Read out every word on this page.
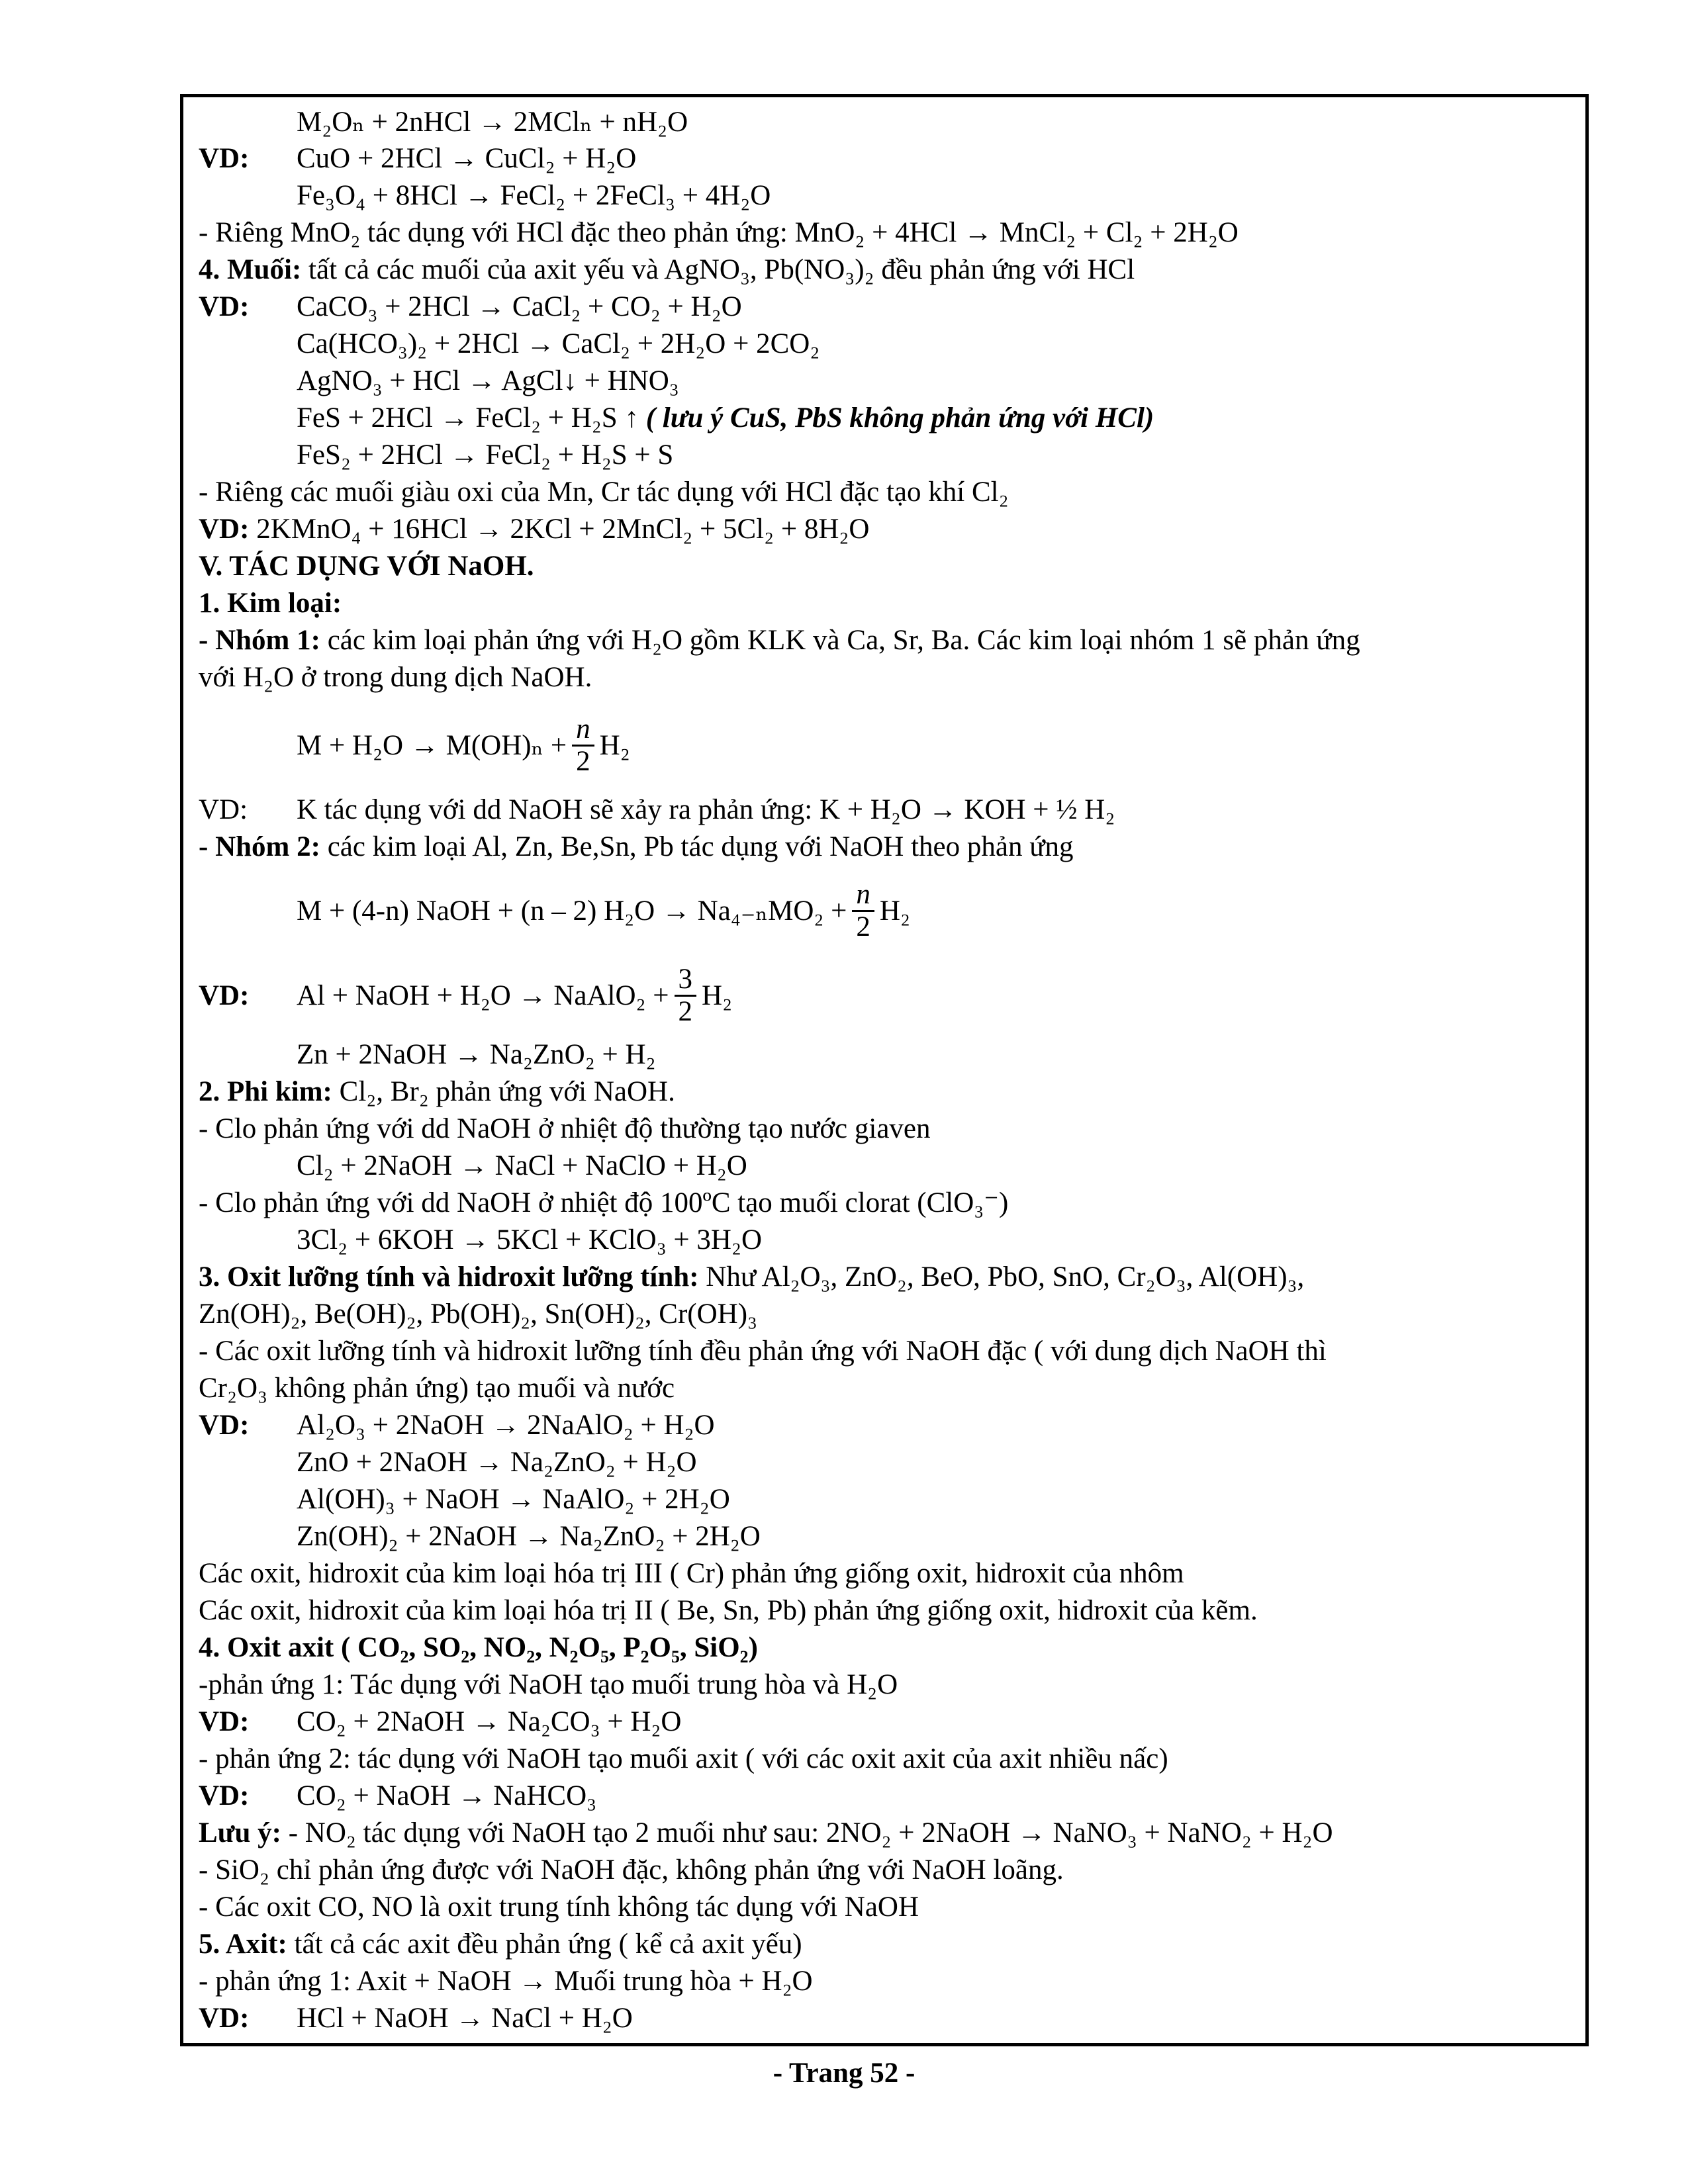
M₂Oₙ + 2nHCl → 2MClₙ + nH₂O
VD: CuO + 2HCl → CuCl₂ + H₂O
Fe₃O₄ + 8HCl → FeCl₂ + 2FeCl₃ + 4H₂O
- Riêng MnO₂ tác dụng với HCl đặc theo phản ứng: MnO₂ + 4HCl → MnCl₂ + Cl₂ + 2H₂O
4. Muối: tất cả các muối của axit yếu và AgNO₃, Pb(NO₃)₂ đều phản ứng với HCl
VD: CaCO₃ + 2HCl → CaCl₂ + CO₂ + H₂O
Ca(HCO₃)₂ + 2HCl → CaCl₂ + 2H₂O + 2CO₂
AgNO₃ + HCl → AgCl↓ + HNO₃
FeS + 2HCl → FeCl₂ + H₂S ↑ ( lưu ý CuS, PbS không phản ứng với HCl)
FeS₂ + 2HCl → FeCl₂ + H₂S + S
- Riêng các muối giàu oxi của Mn, Cr tác dụng với HCl đặc tạo khí Cl₂
VD: 2KMnO₄ + 16HCl → 2KCl + 2MnCl₂ + 5Cl₂ + 8H₂O
V. TÁC DỤNG VỚI NaOH.
1. Kim loại:
- Nhóm 1: các kim loại phản ứng với H₂O gồm KLK và Ca, Sr, Ba. Các kim loại nhóm 1 sẽ phản ứng
với H₂O ở trong dung dịch NaOH.
$M + H_2O \to M(OH)_n + \frac{n}{2} H_2$
VD: K tác dụng với dd NaOH sẽ xảy ra phản ứng: K + H₂O → KOH + ½ H₂
- Nhóm 2: các kim loại Al, Zn, Be,Sn, Pb tác dụng với NaOH theo phản ứng
M + (4-n) NaOH + (n – 2) $H_2O \to Na_{4-n}MO_2 + \frac{n}{2} H_2$
VD: Al + NaOH + H₂O → NaAlO₂ + $\frac{3}{2} H_2$
Zn + 2NaOH → Na₂ZnO₂ + H₂
2. Phi kim: Cl₂, Br₂ phản ứng với NaOH.
- Clo phản ứng với dd NaOH ở nhiệt độ thường tạo nước giaven
Cl₂ + 2NaOH → NaCl + NaClO + H₂O
- Clo phản ứng với dd NaOH ở nhiệt độ 100ºC tạo muối clorat (ClO₃⁻)
3Cl₂ + 6KOH → 5KCl + KClO₃ + 3H₂O
3. Oxit lưỡng tính và hidroxit lưỡng tính: Như Al₂O₃, ZnO₂, BeO, PbO, SnO, Cr₂O₃, Al(OH)₃,
Zn(OH)₂, Be(OH)₂, Pb(OH)₂, Sn(OH)₂, Cr(OH)₃
- Các oxit lưỡng tính và hidroxit lưỡng tính đều phản ứng với NaOH đặc ( với dung dịch NaOH thì
Cr₂O₃ không phản ứng) tạo muối và nước
VD: Al₂O₃ + 2NaOH → 2NaAlO₂ + H₂O
ZnO + 2NaOH → Na₂ZnO₂ + H₂O
Al(OH)₃ + NaOH → NaAlO₂ + 2H₂O
Zn(OH)₂ + 2NaOH → Na₂ZnO₂ + 2H₂O
Các oxit, hidroxit của kim loại hóa trị III ( Cr) phản ứng giống oxit, hidroxit của nhôm
Các oxit, hidroxit của kim loại hóa trị II ( Be, Sn, Pb) phản ứng giống oxit, hidroxit của kẽm.
4. Oxit axit ( CO₂, SO₂, NO₂, N₂O₅, P₂O₅, SiO₂)
-phản ứng 1: Tác dụng với NaOH tạo muối trung hòa và H₂O
VD: CO₂ + 2NaOH → Na₂CO₃ + H₂O
- phản ứng 2: tác dụng với NaOH tạo muối axit ( với các oxit axit của axit nhiều nấc)
VD: CO₂ + NaOH → NaHCO₃
Lưu ý: - NO₂ tác dụng với NaOH tạo 2 muối như sau: 2NO₂ + 2NaOH → NaNO₃ + NaNO₂ + H₂O
- SiO₂ chỉ phản ứng được với NaOH đặc, không phản ứng với NaOH loãng.
- Các oxit CO, NO là oxit trung tính không tác dụng với NaOH
5. Axit: tất cả các axit đều phản ứng ( kể cả axit yếu)
- phản ứng 1: Axit + NaOH → Muối trung hòa + H₂O
VD: HCl + NaOH → NaCl + H₂O
- Trang 52 -
